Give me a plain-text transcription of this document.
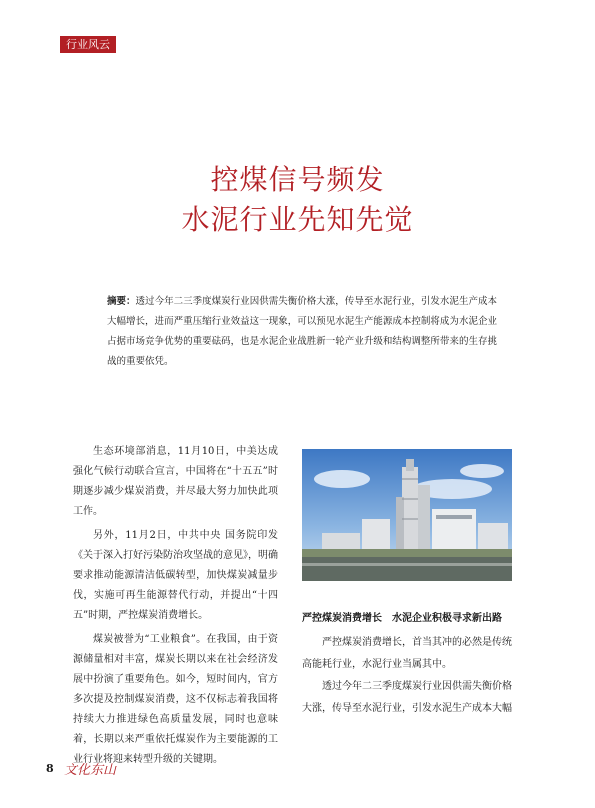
行业风云
控煤信号频发
水泥行业先知先觉
摘要：透过今年二三季度煤炭行业因供需失衡价格大涨，传导至水泥行业，引发水泥生产成本大幅增长，进而严重压缩行业效益这一现象，可以预见水泥生产能源成本控制将成为水泥企业占据市场竞争优势的重要砝码，也是水泥企业战胜新一轮产业升级和结构调整所带来的生存挑战的重要依凭。

生态环境部消息，11月10日，中美达成强化气候行动联合宣言，中国将在“十五五”时期逐步减少煤炭消费，并尽最大努力加快此项工作。

另外，11月2日，中共中央 国务院印发《关于深入打好污染防治攻坚战的意见》，明确要求推动能源清洁低碳转型，加快煤炭减量步伐，实施可再生能源替代行动，并提出“十四五”时期，严控煤炭消费增长。

煤炭被誉为“工业粮食”。在我国，由于资源储量相对丰富，煤炭长期以来在社会经济发展中扮演了重要角色。如今，短时间内，官方多次提及控制煤炭消费，这不仅标志着我国将持续大力推进绿色高质量发展，同时也意味着，长期以来严重依托煤炭作为主要能源的工业行业将迎来转型升级的关键期。

严控煤炭消费增长　水泥企业积极寻求新出路

严控煤炭消费增长，首当其冲的必然是传统高能耗行业，水泥行业当属其中。

透过今年二三季度煤炭行业因供需失衡价格大涨，传导至水泥行业，引发水泥生产成本大幅

8 文化东山
